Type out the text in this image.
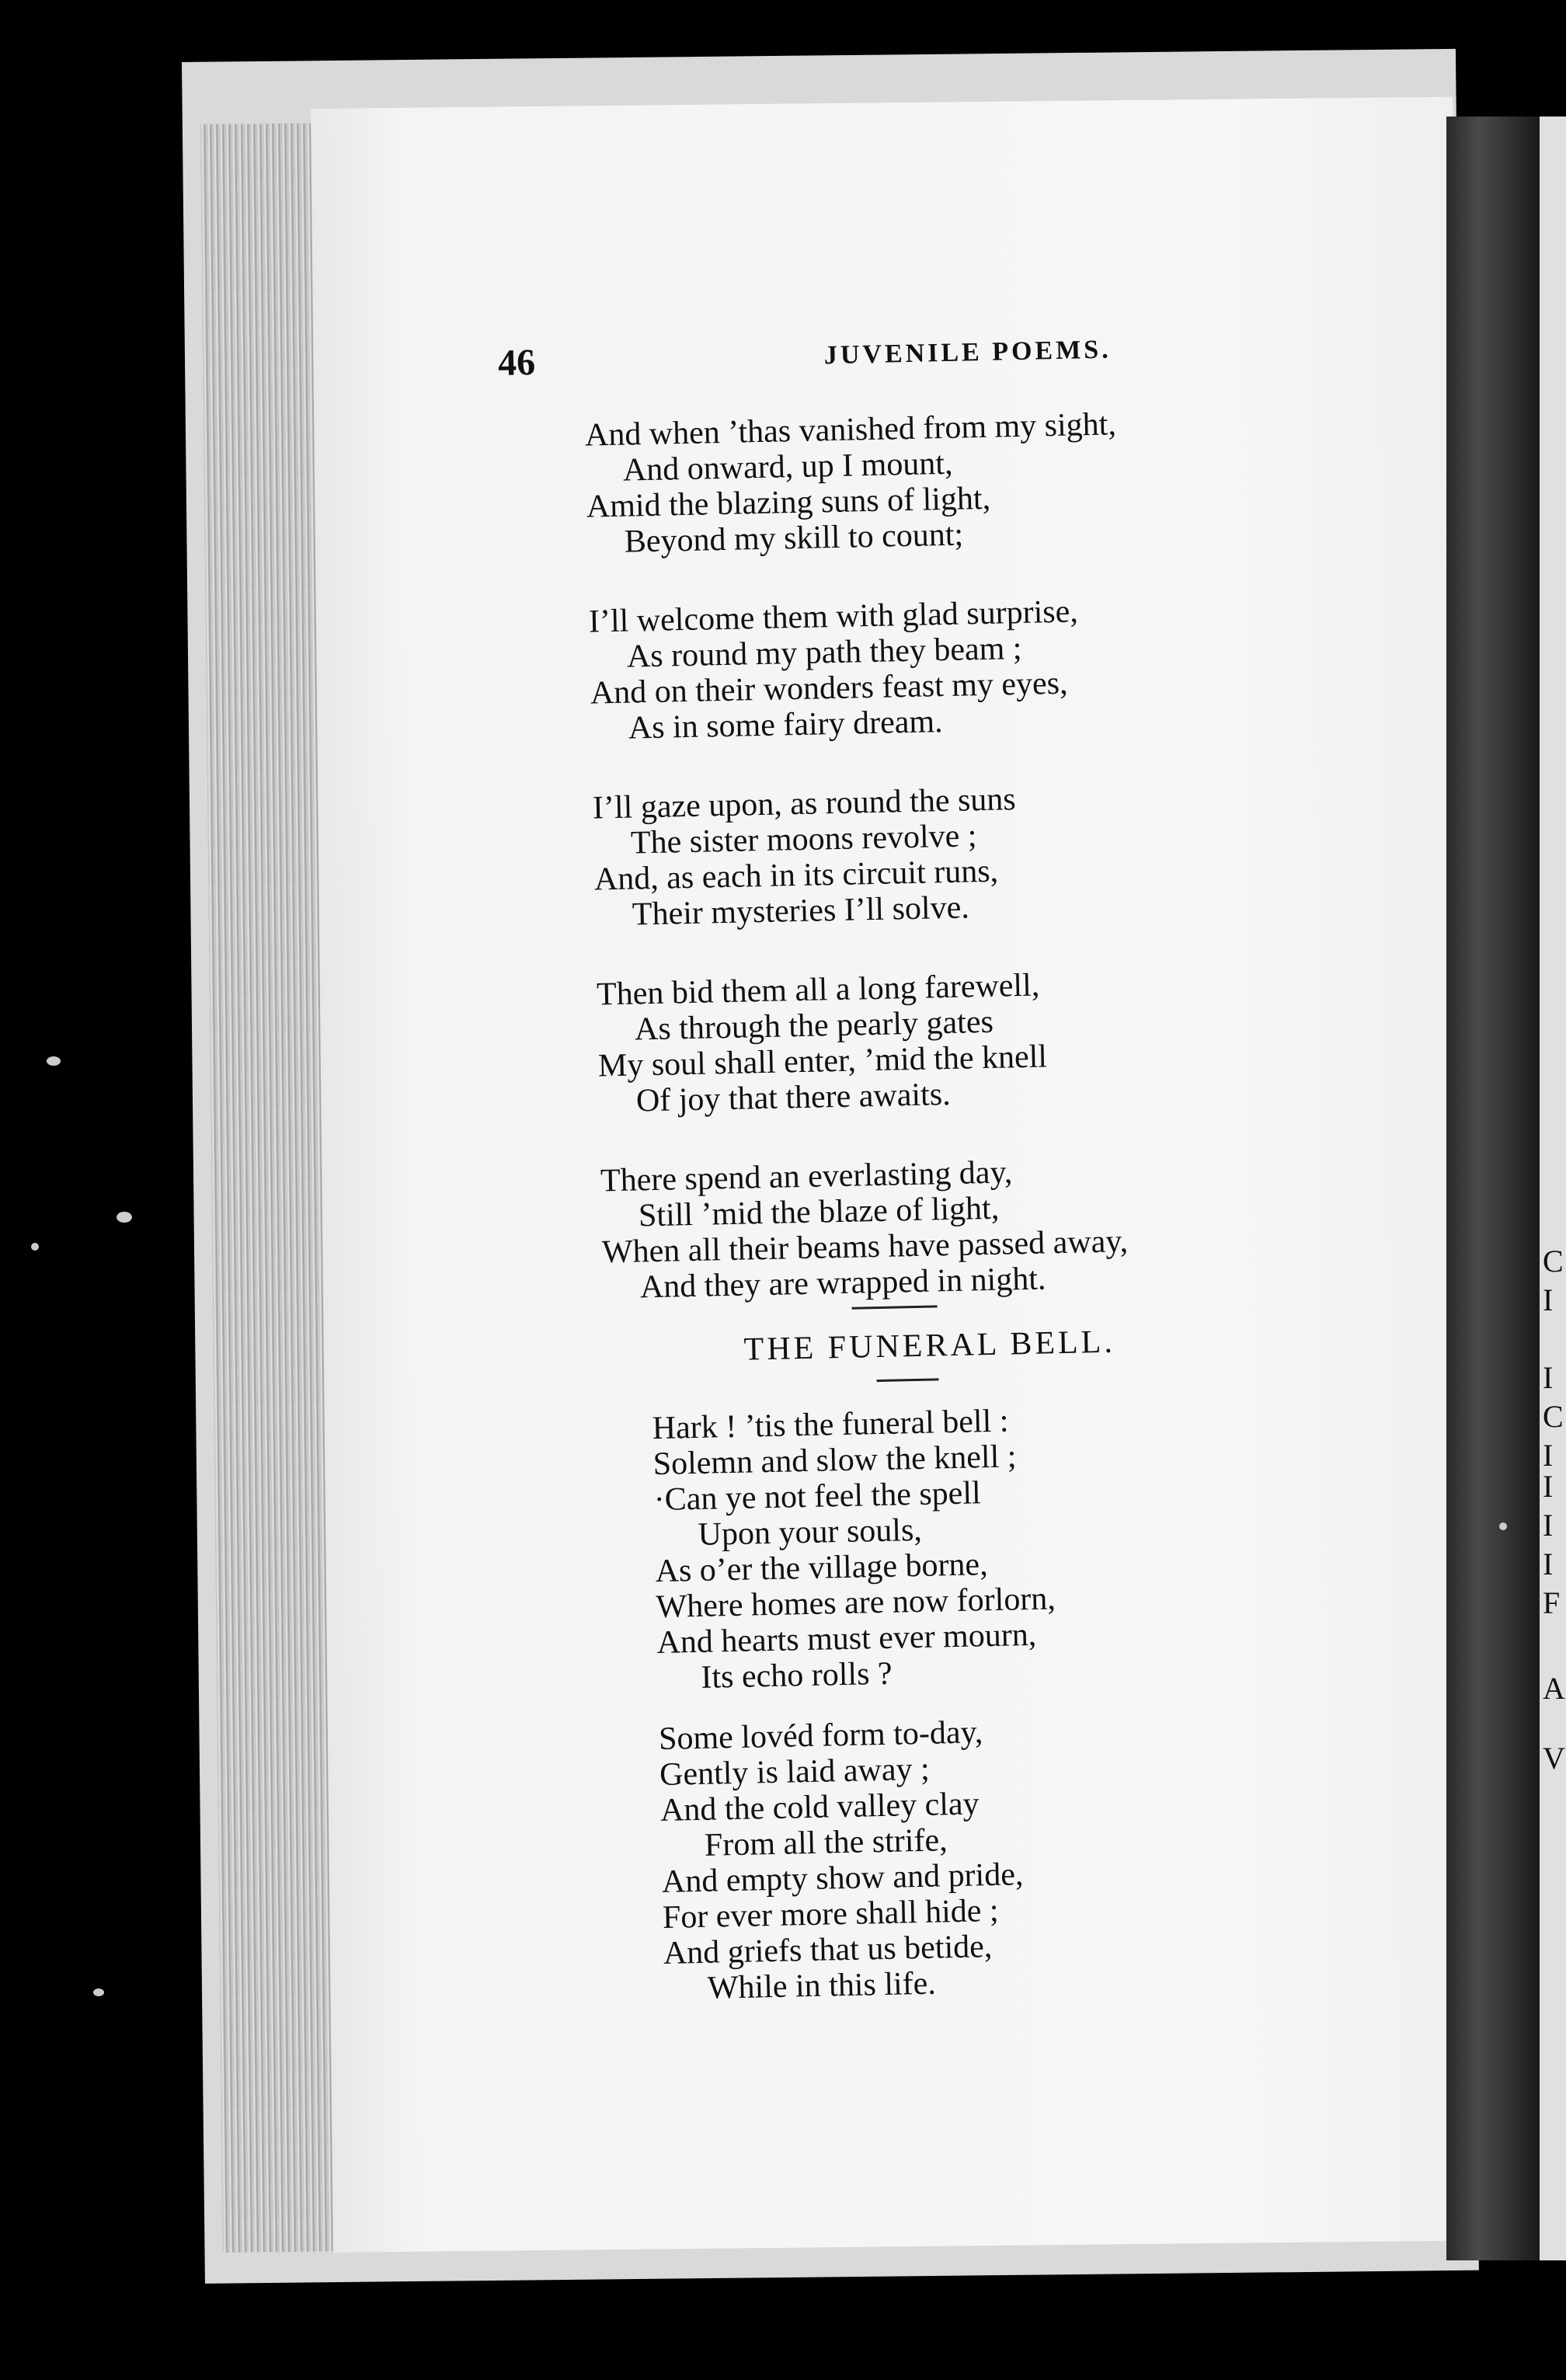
C
I
I
C
I
I
I
I
F
A
V
46	JUVENILE POEMS.
And when ’thas vanished from my sight,
And onward, up I mount,
Amid the blazing suns of light,
Beyond my skill to count;
I’ll welcome them with glad surprise,
As round my path they beam ;
And on their wonders feast my eyes,
As in some fairy dream.
I’ll gaze upon, as round the suns
The sister moons revolve ;
And, as each in its circuit runs,
Their mysteries I’ll solve.
Then bid them all a long farewell,
As through the pearly gates
My soul shall enter, ’mid the knell
Of joy that there awaits.
There spend an everlasting day,
Still ’mid the blaze of light,
When all their beams have passed away,
And they are wrapped in night.
THE FUNERAL BELL.
Hark ! ’tis the funeral bell :
Solemn and slow the knell ;
·Can ye not feel the spell
Upon your souls,
As o’er the village borne,
Where homes are now forlorn,
And hearts must ever mourn,
Its echo rolls ?
Some lovéd form to-day,
Gently is laid away ;
And the cold valley clay
From all the strife,
And empty show and pride,
For ever more shall hide ;
And griefs that us betide,
While in this life.
